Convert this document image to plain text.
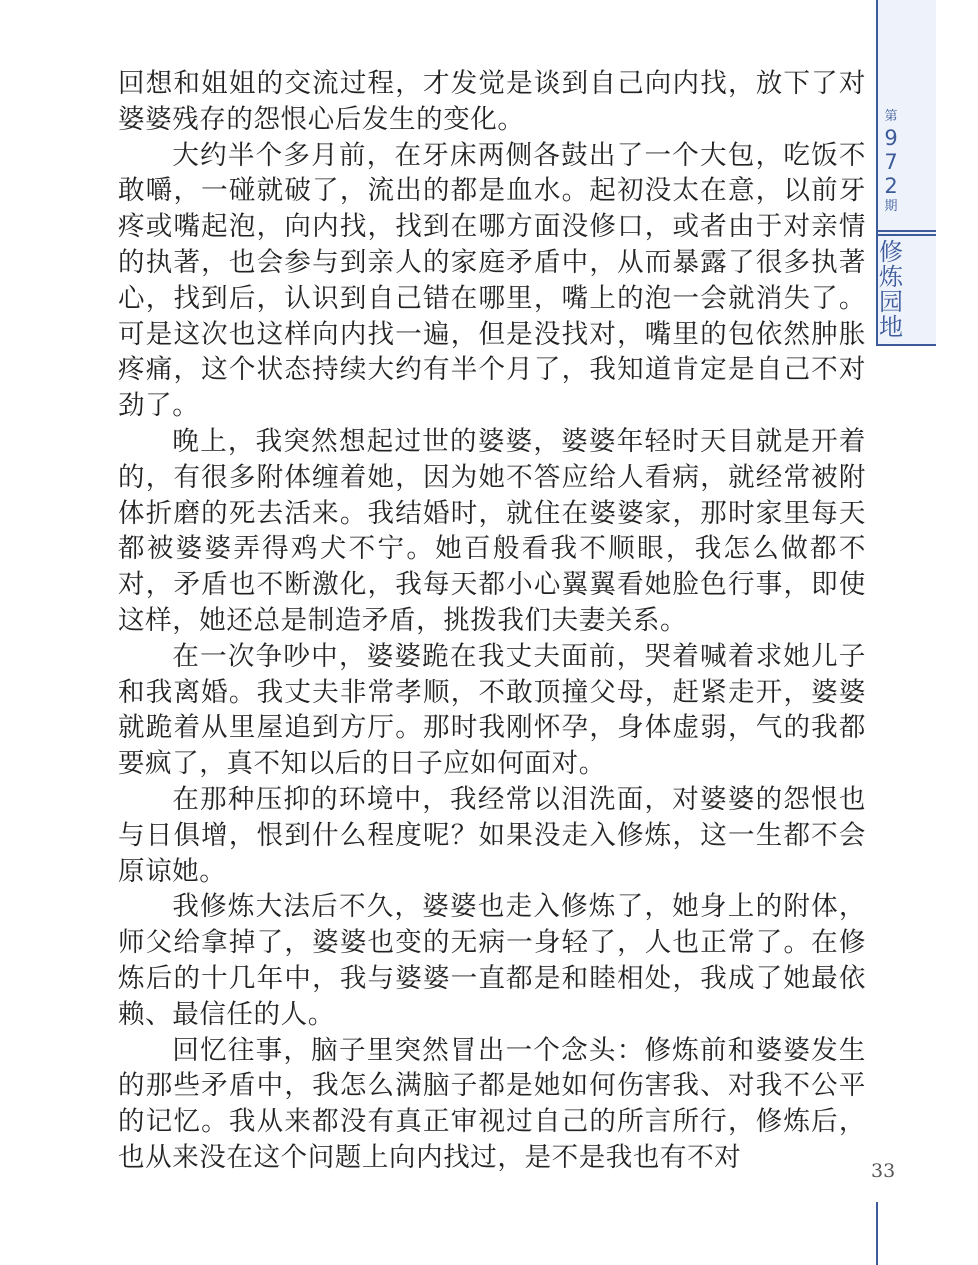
第
9
7
2
期
修
炼
园
地

回想和姐姐的交流过程，才发觉是谈到自己向内找，放下了对婆婆残存的怨恨心后发生的变化。

大约半个多月前，在牙床两侧各鼓出了一个大包，吃饭不敢嚼，一碰就破了，流出的都是血水。起初没太在意，以前牙疼或嘴起泡，向内找，找到在哪方面没修口，或者由于对亲情的执著，也会参与到亲人的家庭矛盾中，从而暴露了很多执著心，找到后，认识到自己错在哪里，嘴上的泡一会就消失了。可是这次也这样向内找一遍，但是没找对，嘴里的包依然肿胀疼痛，这个状态持续大约有半个月了，我知道肯定是自己不对劲了。

晚上，我突然想起过世的婆婆，婆婆年轻时天目就是开着的，有很多附体缠着她，因为她不答应给人看病，就经常被附体折磨的死去活来。我结婚时，就住在婆婆家，那时家里每天都被婆婆弄得鸡犬不宁。她百般看我不顺眼，我怎么做都不对，矛盾也不断激化，我每天都小心翼翼看她脸色行事，即使这样，她还总是制造矛盾，挑拨我们夫妻关系。

在一次争吵中，婆婆跪在我丈夫面前，哭着喊着求她儿子和我离婚。我丈夫非常孝顺，不敢顶撞父母，赶紧走开，婆婆就跪着从里屋追到方厅。那时我刚怀孕，身体虚弱，气的我都要疯了，真不知以后的日子应如何面对。

在那种压抑的环境中，我经常以泪洗面，对婆婆的怨恨也与日俱增，恨到什么程度呢？如果没走入修炼，这一生都不会原谅她。

我修炼大法后不久，婆婆也走入修炼了，她身上的附体，师父给拿掉了，婆婆也变的无病一身轻了，人也正常了。在修炼后的十几年中，我与婆婆一直都是和睦相处，我成了她最依赖、最信任的人。

回忆往事，脑子里突然冒出一个念头：修炼前和婆婆发生的那些矛盾中，我怎么满脑子都是她如何伤害我、对我不公平的记忆。我从来都没有真正审视过自己的所言所行，修炼后，也从来没在这个问题上向内找过，是不是我也有不对	33
